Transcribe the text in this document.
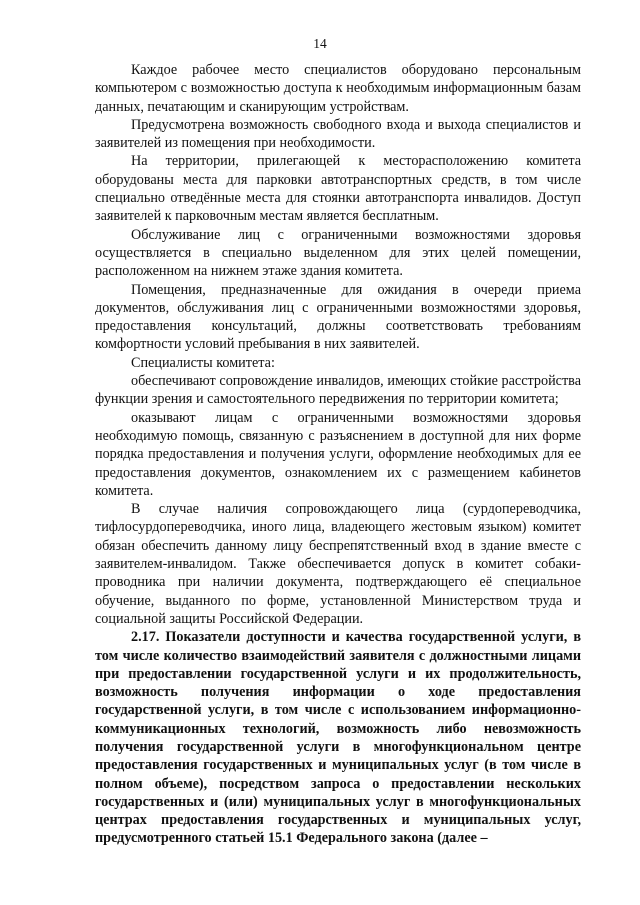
14

Каждое рабочее место специалистов оборудовано персональным компьютером с возможностью доступа к необходимым информационным базам данных, печатающим и сканирующим устройствам.

Предусмотрена возможность свободного входа и выхода специалистов и заявителей из помещения при необходимости.

На территории, прилегающей к месторасположению комитета оборудованы места для парковки автотранспортных средств, в том числе специально отведённые места для стоянки автотранспорта инвалидов. Доступ заявителей к парковочным местам является бесплатным.

Обслуживание лиц с ограниченными возможностями здоровья осуществляется в специально выделенном для этих целей помещении, расположенном на нижнем этаже здания комитета.

Помещения, предназначенные для ожидания в очереди приема документов, обслуживания лиц с ограниченными возможностями здоровья, предоставления консультаций, должны соответствовать требованиям комфортности условий пребывания в них заявителей.

Специалисты комитета:

обеспечивают сопровождение инвалидов, имеющих стойкие расстройства функции зрения и самостоятельного передвижения по территории комитета;

оказывают лицам с ограниченными возможностями здоровья необходимую помощь, связанную с разъяснением в доступной для них форме порядка предоставления и получения услуги, оформление необходимых для ее предоставления документов, ознакомлением их с размещением кабинетов комитета.

В случае наличия сопровождающего лица (сурдопереводчика, тифлосурдопереводчика, иного лица, владеющего жестовым языком) комитет обязан обеспечить данному лицу беспрепятственный вход в здание вместе с заявителем-инвалидом. Также обеспечивается допуск в комитет собаки-проводника при наличии документа, подтверждающего её специальное обучение, выданного по форме, установленной Министерством труда и социальной защиты Российской Федерации.

2.17. Показатели доступности и качества государственной услуги, в том числе количество взаимодействий заявителя с должностными лицами при предоставлении государственной услуги и их продолжительность, возможность получения информации о ходе предоставления государственной услуги, в том числе с использованием информационно-коммуникационных технологий, возможность либо невозможность получения государственной услуги в многофункциональном центре предоставления государственных и муниципальных услуг (в том числе в полном объеме), посредством запроса о предоставлении нескольких государственных и (или) муниципальных услуг в многофункциональных центрах предоставления государственных и муниципальных услуг, предусмотренного статьей 15.1 Федерального закона (далее –
